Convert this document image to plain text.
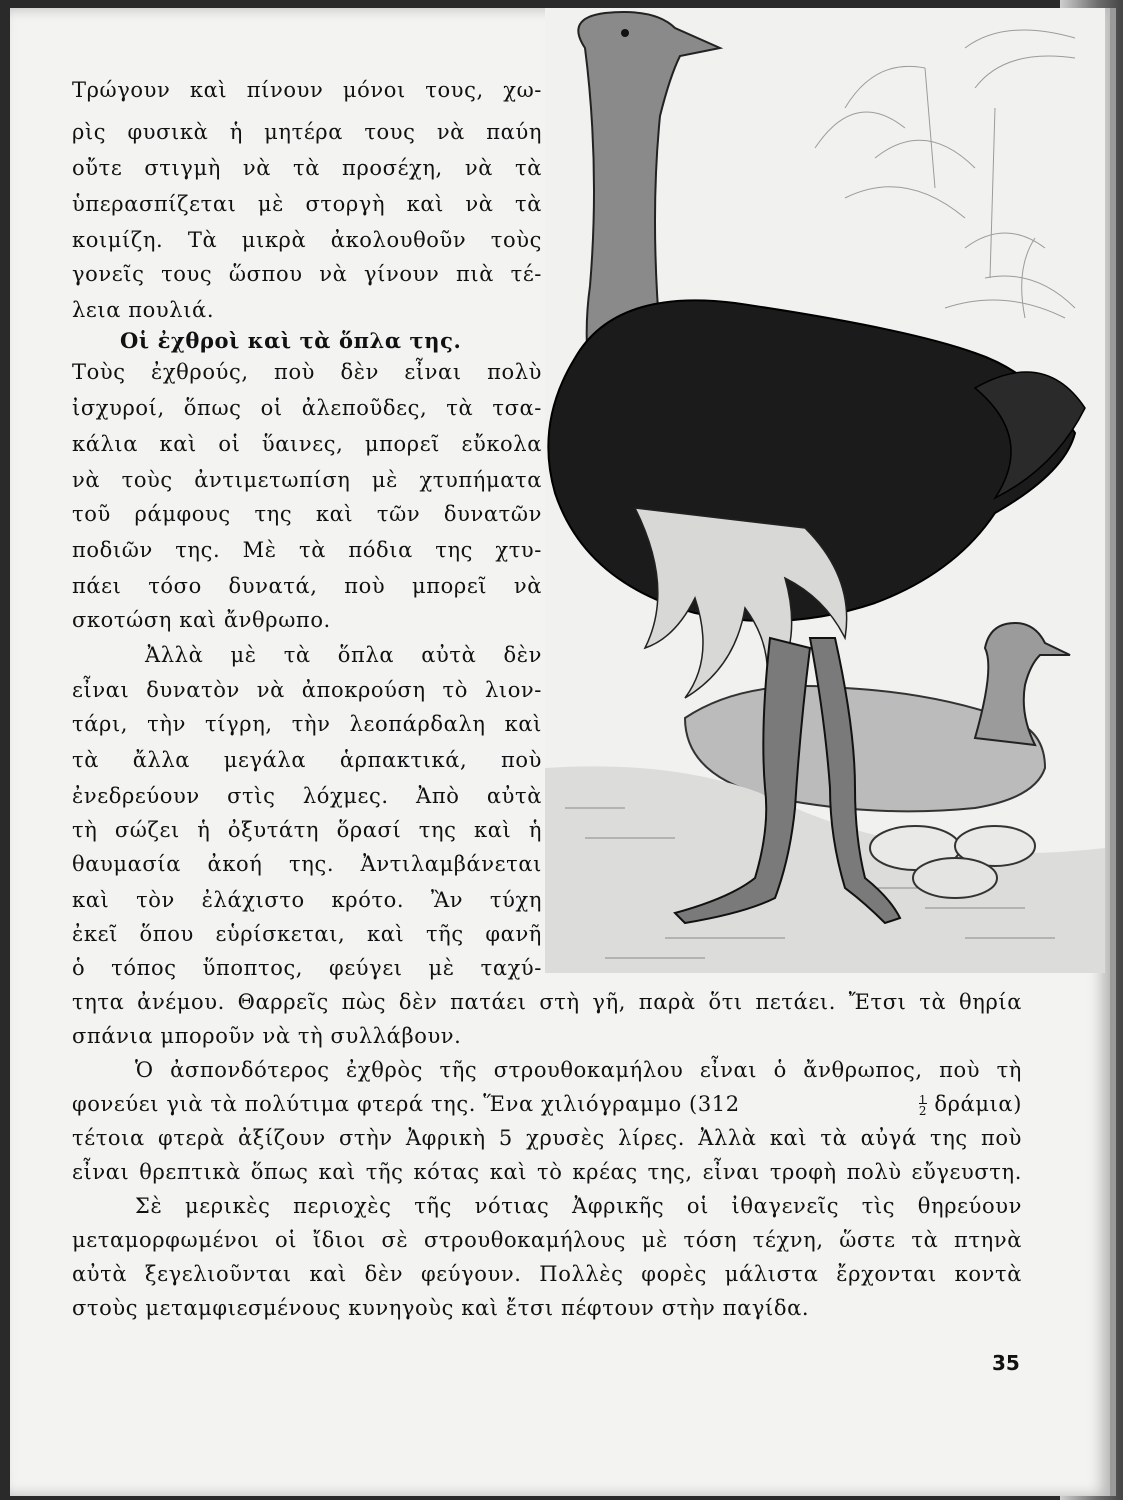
Τρώγουν καὶ πίνουν μόνοι τους, χω-
ρὶς φυσικὰ ἡ μητέρα τους νὰ παύη
οὔτε στιγμὴ νὰ τὰ προσέχη, νὰ τὰ
ὑπερασπίζεται μὲ στοργὴ καὶ νὰ τὰ
κοιμίζη. Τὰ μικρὰ ἀκολουθοῦν τοὺς
γονεῖς τους ὥσπου νὰ γίνουν πιὰ τέ-
λεια πουλιά.
Οἱ ἐχθροὶ καὶ τὰ ὅπλα της.
Τοὺς ἐχθρούς, ποὺ δὲν εἶναι πολὺ
ἰσχυροί, ὅπως οἱ ἀλεποῦδες, τὰ τσα-
κάλια καὶ οἱ ὕαινες, μπορεῖ εὔκολα
νὰ τοὺς ἀντιμετωπίση μὲ χτυπήματα
τοῦ ράμφους της καὶ τῶν δυνατῶν
ποδιῶν της. Μὲ τὰ πόδια της χτυ-
πάει τόσο δυνατά, ποὺ μπορεῖ νὰ
σκοτώση καὶ ἄνθρωπο.
Ἀλλὰ μὲ τὰ ὅπλα αὐτὰ δὲν
εἶναι δυνατὸν νὰ ἀποκρούση τὸ λιον-
τάρι, τὴν τίγρη, τὴν λεοπάρδαλη καὶ
τὰ ἄλλα μεγάλα ἁρπακτικά, ποὺ
ἐνεδρεύουν στὶς λόχμες. Ἀπὸ αὐτὰ
τὴ σώζει ἡ ὀξυτάτη ὅρασί της καὶ ἡ
θαυμασία ἀκοή της. Ἀντιλαμβάνεται
καὶ τὸν ἐλάχιστο κρότο. Ἂν τύχη
ἐκεῖ ὅπου εὑρίσκεται, καὶ τῆς φανῆ
ὁ τόπος ὕποπτος, φεύγει μὲ ταχύ-
τητα ἀνέμου. Θαρρεῖς πὼς δὲν πατάει στὴ γῆ, παρὰ ὅτι πετάει. Ἔτσι τὰ θηρία
σπάνια μποροῦν νὰ τὴ συλλάβουν.
Ὁ ἀσπονδότερος ἐχθρὸς τῆς στρουθοκαμήλου εἶναι ὁ ἄνθρωπος, ποὺ τὴ
φονεύει γιὰ τὰ πολύτιμα φτερά της. Ἕνα χιλιόγραμμο (312	1
2 δράμια)
τέτοια φτερὰ ἀξίζουν στὴν Ἀφρικὴ 5 χρυσὲς λίρες. Ἀλλὰ καὶ τὰ αὐγά της ποὺ
εἶναι θρεπτικὰ ὅπως καὶ τῆς κότας καὶ τὸ κρέας της, εἶναι τροφὴ πολὺ εὔγευστη.
Σὲ μερικὲς περιοχὲς τῆς νότιας Ἀφρικῆς οἱ ἰθαγενεῖς τὶς θηρεύουν
μεταμορφωμένοι οἱ ἴδιοι σὲ στρουθοκαμήλους μὲ τόση τέχνη, ὥστε τὰ πτηνὰ
αὐτὰ ξεγελιοῦνται καὶ δὲν φεύγουν. Πολλὲς φορὲς μάλιστα ἔρχονται κοντὰ
στοὺς μεταμφιεσμένους κυνηγοὺς καὶ ἔτσι πέφτουν στὴν παγίδα.
35
